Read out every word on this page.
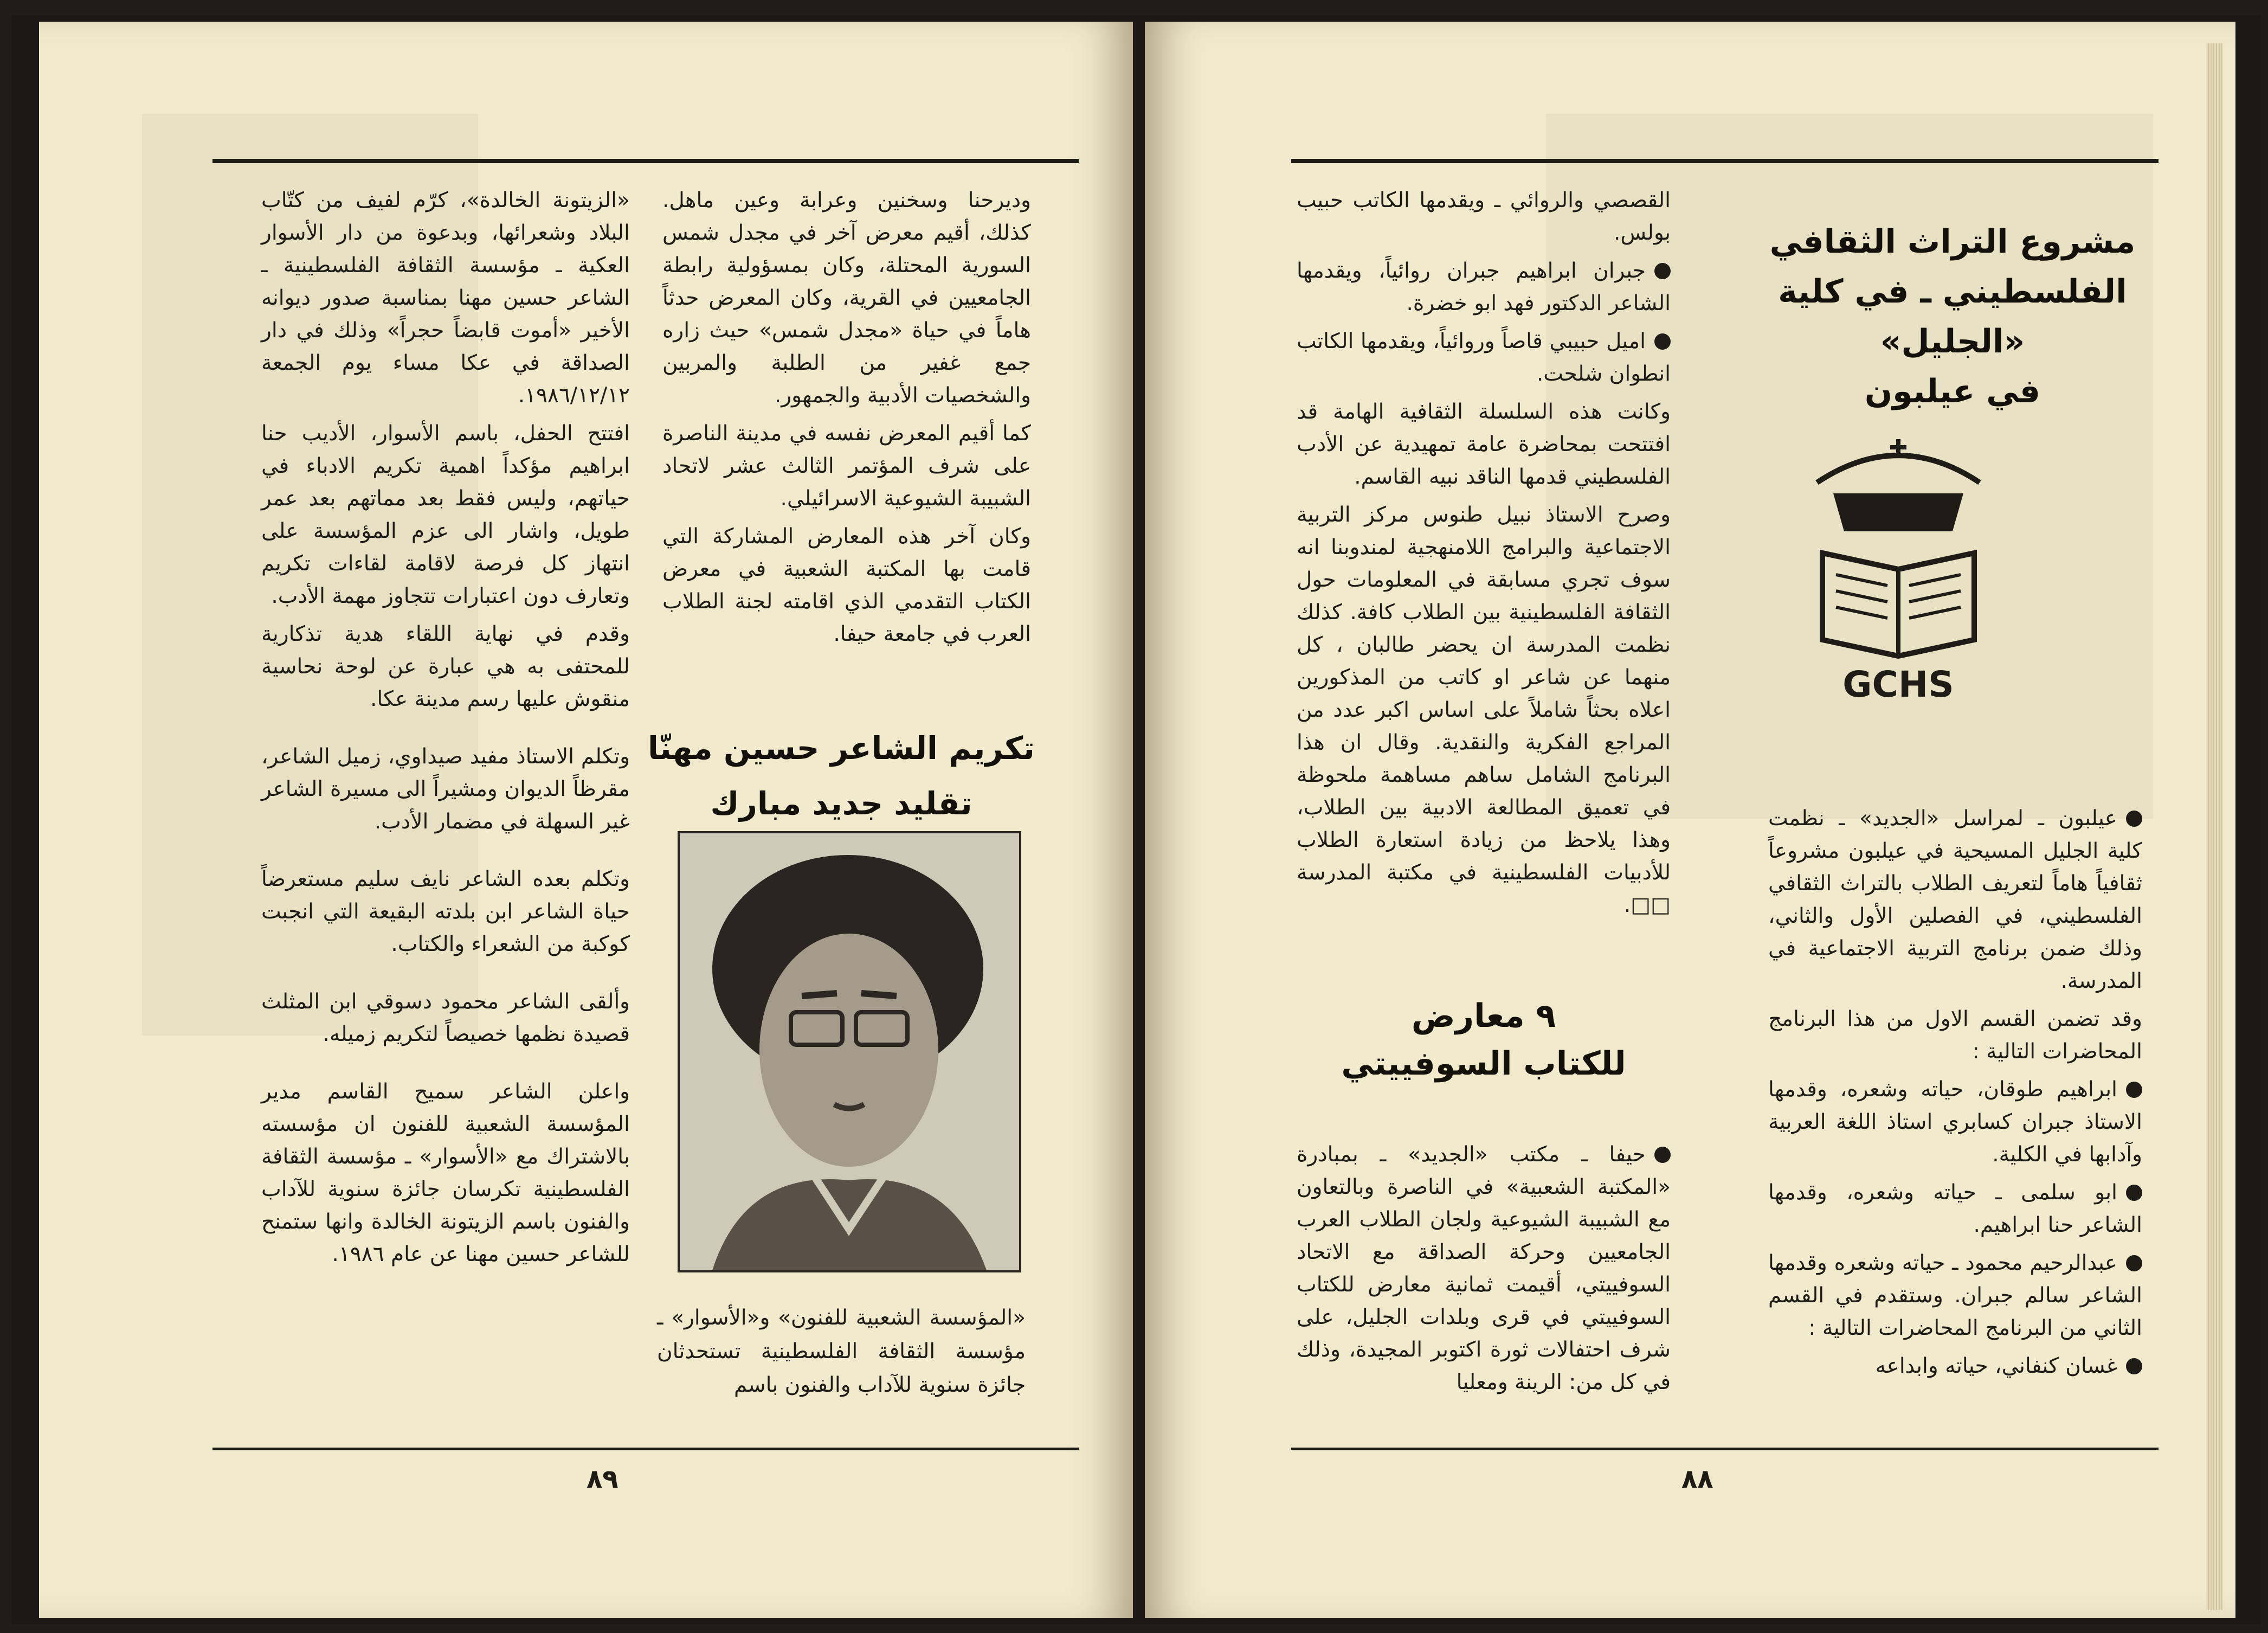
وديرحنا وسخنين وعرابة وعين ماهل. كذلك، أقيم معرض آخر في مجدل شمس السورية المحتلة، وكان بمسؤولية رابطة الجامعيين في القرية، وكان المعرض حدثاً هاماً في حياة «مجدل شمس» حيث زاره جمع غفير من الطلبة والمربين والشخصيات الأدبية والجمهور.

كما أقيم المعرض نفسه في مدينة الناصرة على شرف المؤتمر الثالث عشر لاتحاد الشبيبة الشيوعية الاسرائيلي.

وكان آخر هذه المعارض المشاركة التي قامت بها المكتبة الشعبية في معرض الكتاب التقدمي الذي اقامته لجنة الطلاب العرب في جامعة حيفا.

تكريم الشاعر حسين مهنّا
تقليد جديد مبارك
«المؤسسة الشعبية للفنون» و«الأسوار» ـ مؤسسة الثقافة الفلسطينية تستحدثان جائزة سنوية للآداب والفنون باسم

«الزيتونة الخالدة»، كرّم لفيف من كتّاب البلاد وشعرائها، وبدعوة من دار الأسوار العكية ـ مؤسسة الثقافة الفلسطينية ـ الشاعر حسين مهنا بمناسبة صدور ديوانه الأخير «أموت قابضاً حجراً» وذلك في دار الصداقة في عكا مساء يوم الجمعة ١٩٨٦/١٢/١٢.

افتتح الحفل، باسم الأسوار، الأديب حنا ابراهيم مؤكداً اهمية تكريم الادباء في حياتهم، وليس فقط بعد مماتهم بعد عمر طويل، واشار الى عزم المؤسسة على انتهاز كل فرصة لاقامة لقاءات تكريم وتعارف دون اعتبارات تتجاوز مهمة الأدب.

وقدم في نهاية اللقاء هدية تذكارية للمحتفى به هي عبارة عن لوحة نحاسية منقوش عليها رسم مدينة عكا.

وتكلم الاستاذ مفيد صيداوي، زميل الشاعر، مقرظاً الديوان ومشيراً الى مسيرة الشاعر غير السهلة في مضمار الأدب.

وتكلم بعده الشاعر نايف سليم مستعرضاً حياة الشاعر ابن بلدته البقيعة التي انجبت كوكبة من الشعراء والكتاب.

وألقى الشاعر محمود دسوقي ابن المثلث قصيدة نظمها خصيصاً لتكريم زميله.

واعلن الشاعر سميح القاسم مدير المؤسسة الشعبية للفنون ان مؤسسته بالاشتراك مع «الأسوار» ـ مؤسسة الثقافة الفلسطينية تكرسان جائزة سنوية للآداب والفنون باسم الزيتونة الخالدة وانها ستمنح للشاعر حسين مهنا عن عام ١٩٨٦.

٨٩
مشروع التراث الثقافي
الفلسطيني ـ في كلية «الجليل»
في عيلبون
GCHS

عيلبون ـ لمراسل «الجديد» ـ نظمت كلية الجليل المسيحية في عيلبون مشروعاً ثقافياً هاماً لتعريف الطلاب بالتراث الثقافي الفلسطيني، في الفصلين الأول والثاني، وذلك ضمن برنامج التربية الاجتماعية في المدرسة.

وقد تضمن القسم الاول من هذا البرنامج المحاضرات التالية :

ابراهيم طوقان، حياته وشعره، وقدمها الاستاذ جبران كسابري استاذ اللغة العربية وآدابها في الكلية.

ابو سلمى ـ حياته وشعره، وقدمها الشاعر حنا ابراهيم.

عبدالرحيم محمود ـ حياته وشعره وقدمها الشاعر سالم جبران. وستقدم في القسم الثاني من البرنامج المحاضرات التالية :

غسان كنفاني، حياته وابداعه

القصصي والروائي ـ ويقدمها الكاتب حبيب بولس.

جبران ابراهيم جبران روائياً، ويقدمها الشاعر الدكتور فهد ابو خضرة.

اميل حبيبي قاصاً وروائياً، ويقدمها الكاتب انطوان شلحت.

وكانت هذه السلسلة الثقافية الهامة قد افتتحت بمحاضرة عامة تمهيدية عن الأدب الفلسطيني قدمها الناقد نبيه القاسم.

وصرح الاستاذ نبيل طنوس مركز التربية الاجتماعية والبرامج اللامنهجية لمندوبنا انه سوف تجري مسابقة في المعلومات حول الثقافة الفلسطينية بين الطلاب كافة. كذلك نظمت المدرسة ان يحضر طالبان ، كل منهما عن شاعر او كاتب من المذكورين اعلاه بحثاً شاملاً على اساس اكبر عدد من المراجع الفكرية والنقدية. وقال ان هذا البرنامج الشامل ساهم مساهمة ملحوظة في تعميق المطالعة الادبية بين الطلاب، وهذا يلاحظ من زيادة استعارة الطلاب للأدبيات الفلسطينية في مكتبة المدرسة □□.

٩ معارض
للكتاب السوفييتي

حيفا ـ مكتب «الجديد» ـ بمبادرة «المكتبة الشعبية» في الناصرة وبالتعاون مع الشبيبة الشيوعية ولجان الطلاب العرب الجامعيين وحركة الصداقة مع الاتحاد السوفييتي، أقيمت ثمانية معارض للكتاب السوفييتي في قرى وبلدات الجليل، على شرف احتفالات ثورة اكتوبر المجيدة، وذلك في كل من: الرينة ومعليا

٨٨
